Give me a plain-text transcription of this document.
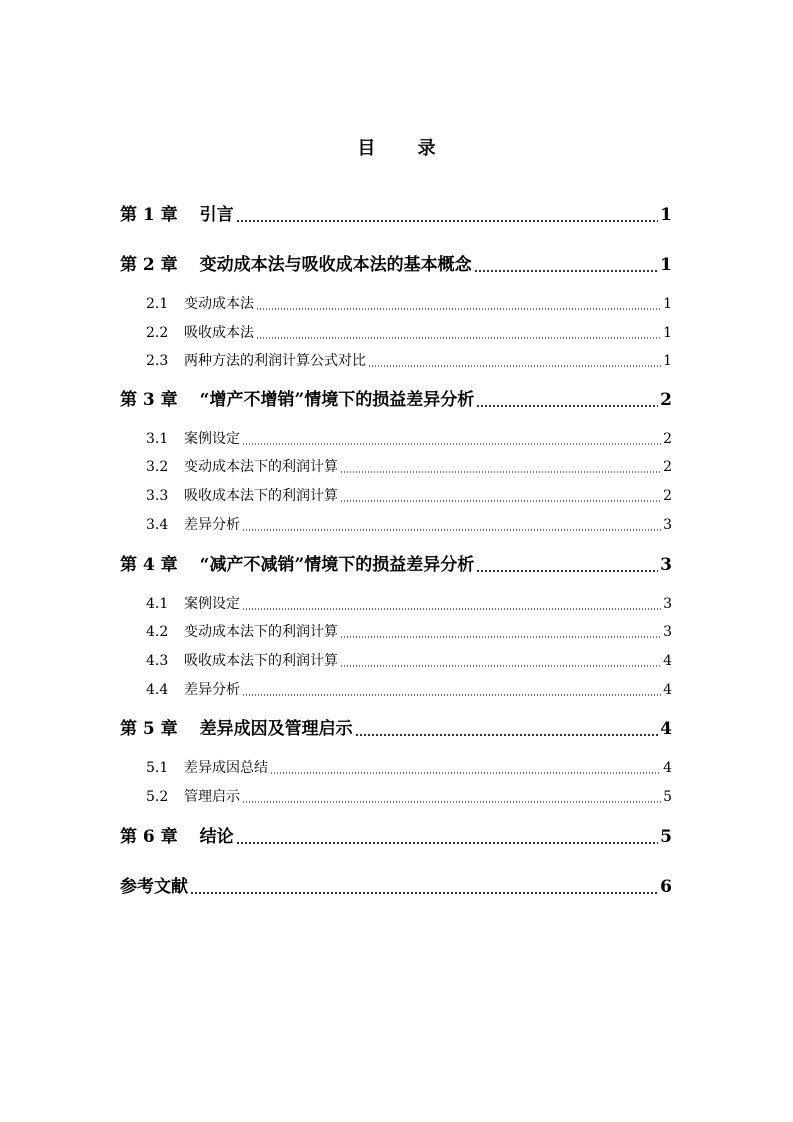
目 录
第 1 章 引言	1
第 2 章 变动成本法与吸收成本法的基本概念	1
2.1	变动成本法	1
2.2	吸收成本法	1
2.3	两种方法的利润计算公式对比	1
第 3 章 “增产不增销”情境下的损益差异分析	2
3.1	案例设定	2
3.2	变动成本法下的利润计算	2
3.3	吸收成本法下的利润计算	2
3.4	差异分析	3
第 4 章 “减产不减销”情境下的损益差异分析	3
4.1	案例设定	3
4.2	变动成本法下的利润计算	3
4.3	吸收成本法下的利润计算	4
4.4	差异分析	4
第 5 章 差异成因及管理启示	4
5.1	差异成因总结	4
5.2	管理启示	5
第 6 章 结论	5
参考文献	6
